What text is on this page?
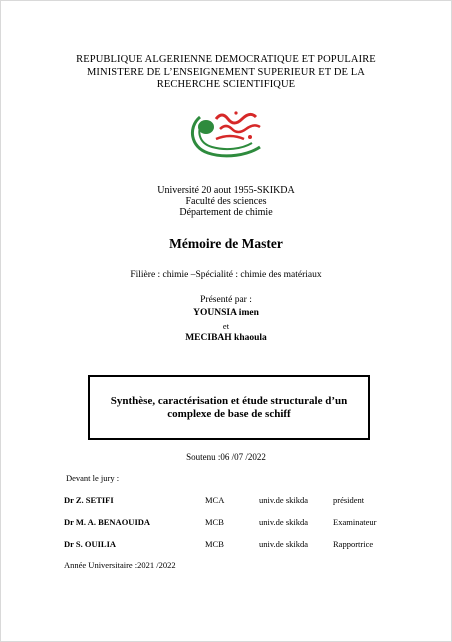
REPUBLIQUE ALGERIENNE DEMOCRATIQUE ET POPULAIRE
MINISTERE DE L’ENSEIGNEMENT SUPERIEUR ET DE LA
RECHERCHE SCIENTIFIQUE
Université 20 aout 1955-SKIKDA
Faculté des sciences
Département de chimie
Mémoire de Master
Filière : chimie –Spécialité : chimie des matériaux
Présenté par :
YOUNSIA imen
et
MECIBAH khaoula
Synthèse, caractérisation et étude structurale d’un complexe de base de schiff
Soutenu :06 /07 /2022
Devant le jury :
Dr Z. SETIFI	MCA	univ.de skikda	président
Dr M. A. BENAOUIDA	MCB	univ.de skikda	Examinateur
Dr S. OUILIA	MCB	univ.de skikda	Rapportrice
Année Universitaire :2021 /2022
